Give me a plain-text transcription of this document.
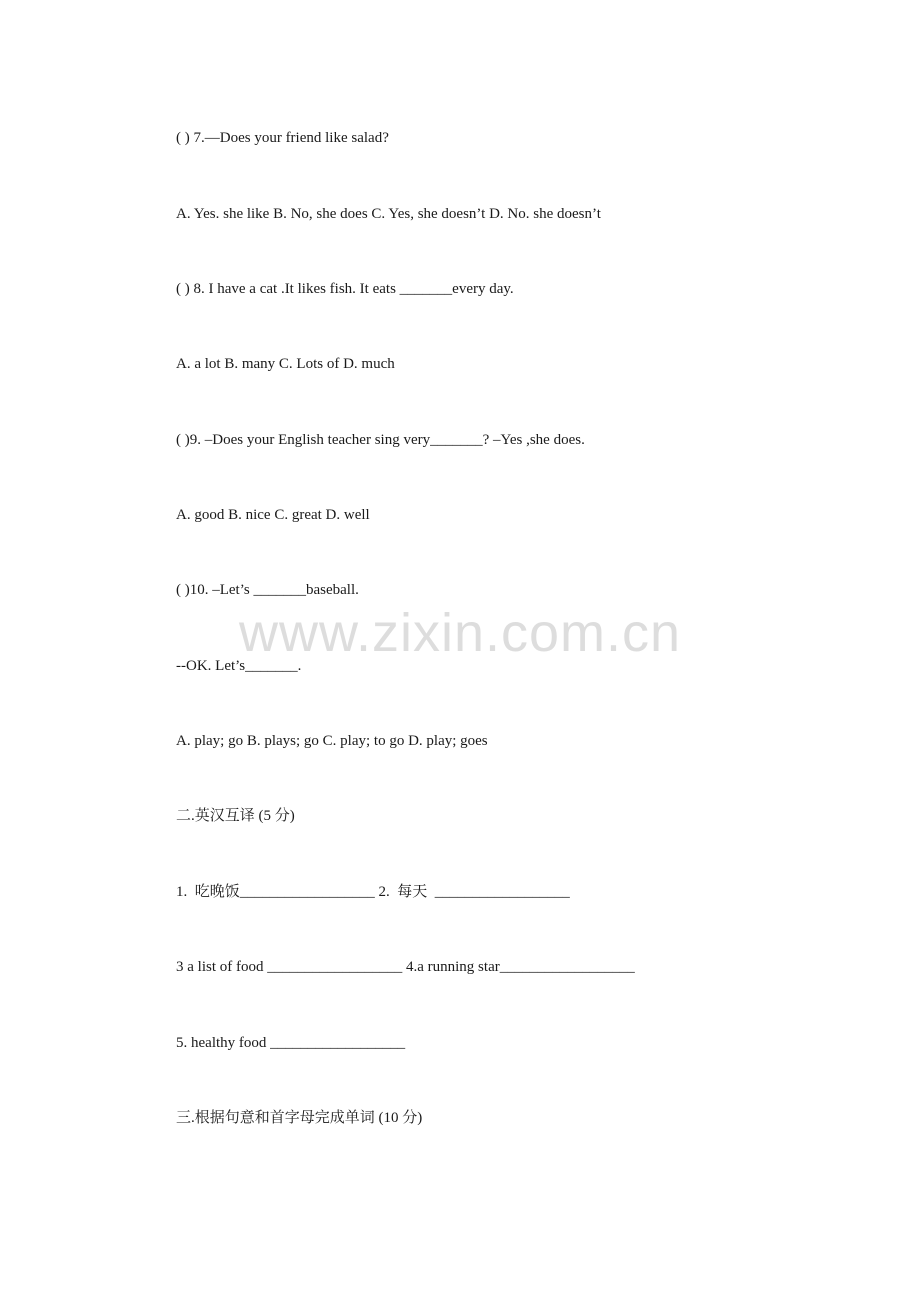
( ) 7.—Does your friend like salad?

A. Yes. she like B. No, she does C. Yes, she doesn’t D. No. she doesn’t

( ) 8. I have a cat .It likes fish. It eats _______every day.

A. a lot B. many C. Lots of D. much

( )9. –Does your English teacher sing very_______? –Yes ,she does.

A. good B. nice C. great D. well

( )10. –Let’s _______baseball.

--OK. Let’s_______.

A. play; go B. plays; go C. play; to go D. play; goes

二.英汉互译 (5 分)

1.  吃晚饭__________________ 2.  每天  __________________

3 a list of food __________________ 4.a running star__________________

5. healthy food __________________

三.根据句意和首字母完成单词 (10 分)

www.zixin.com.cn
